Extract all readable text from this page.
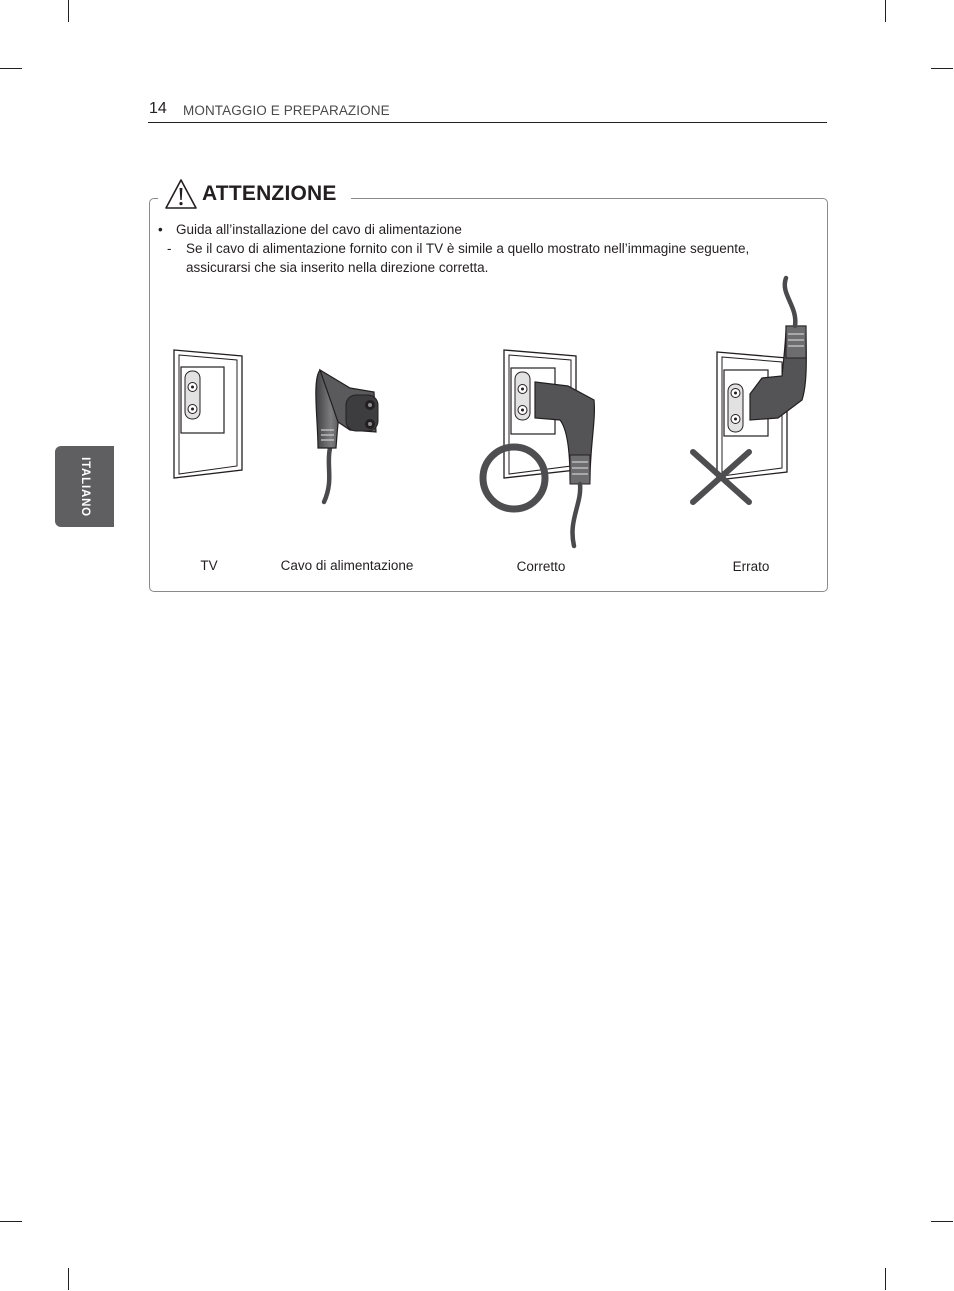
14 MONTAGGIO E PREPARAZIONE
ITALIANO
ATTENZIONE
• Guida all’installazione del cavo di alimentazione
-	Se il cavo di alimentazione fornito con il TV è simile a quello mostrato nell’immagine seguente, assicurarsi che sia inserito nella direzione corretta.
TV	Cavo di alimentazione	Corretto	Errato
